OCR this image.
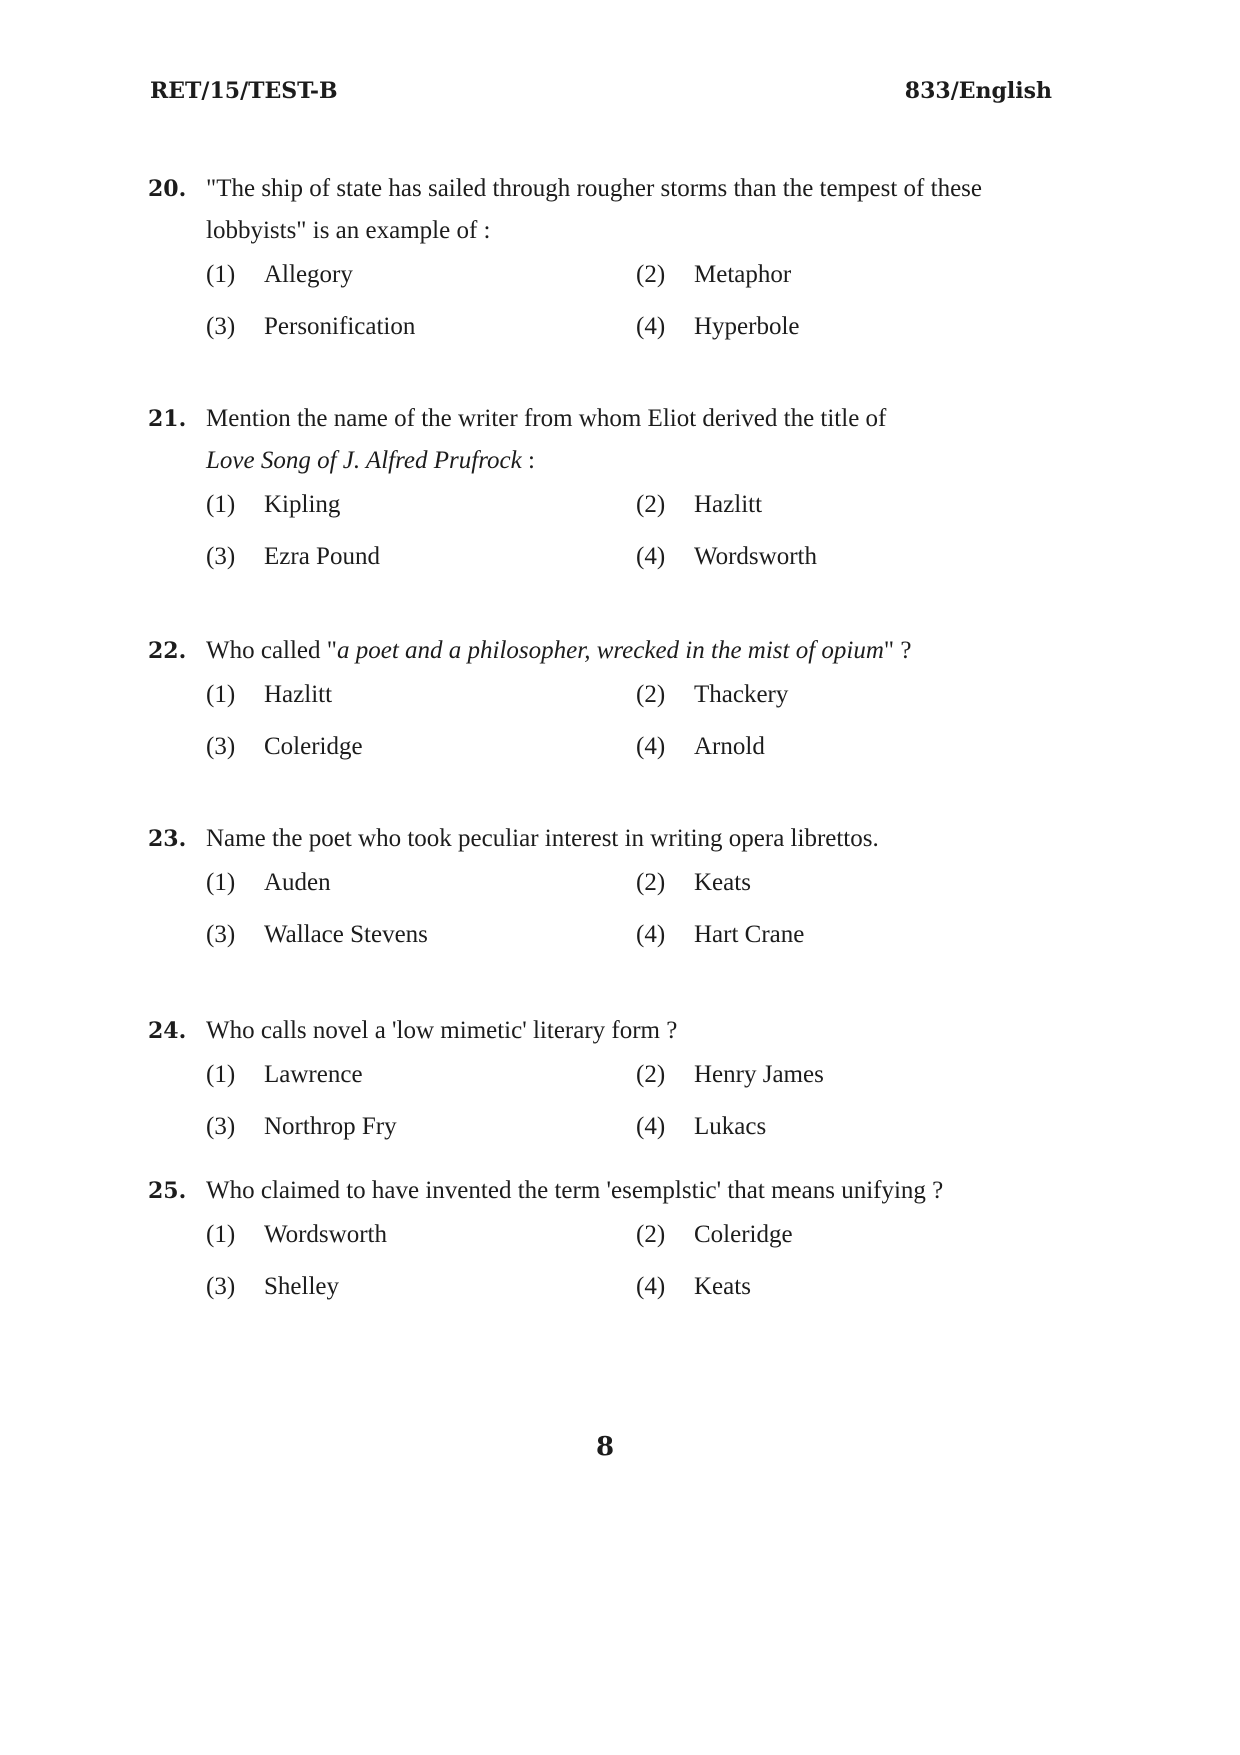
RET/15/TEST-B	833/English
20. "The ship of state has sailed through rougher storms than the tempest of these lobbyists" is an example of :
(1) Allegory	(2) Metaphor
(3) Personification	(4) Hyperbole
21. Mention the name of the writer from whom Eliot derived the title of
Love Song of J. Alfred Prufrock :
(1) Kipling	(2) Hazlitt
(3) Ezra Pound	(4) Wordsworth
22. Who called "a poet and a philosopher, wrecked in the mist of opium" ?
(1) Hazlitt	(2) Thackery
(3) Coleridge	(4) Arnold
23. Name the poet who took peculiar interest in writing opera librettos.
(1) Auden	(2) Keats
(3) Wallace Stevens	(4) Hart Crane
24. Who calls novel a 'low mimetic' literary form ?
(1) Lawrence	(2) Henry James
(3) Northrop Fry	(4) Lukacs
25. Who claimed to have invented the term 'esemplstic' that means unifying ?
(1) Wordsworth	(2) Coleridge
(3) Shelley	(4) Keats
8
